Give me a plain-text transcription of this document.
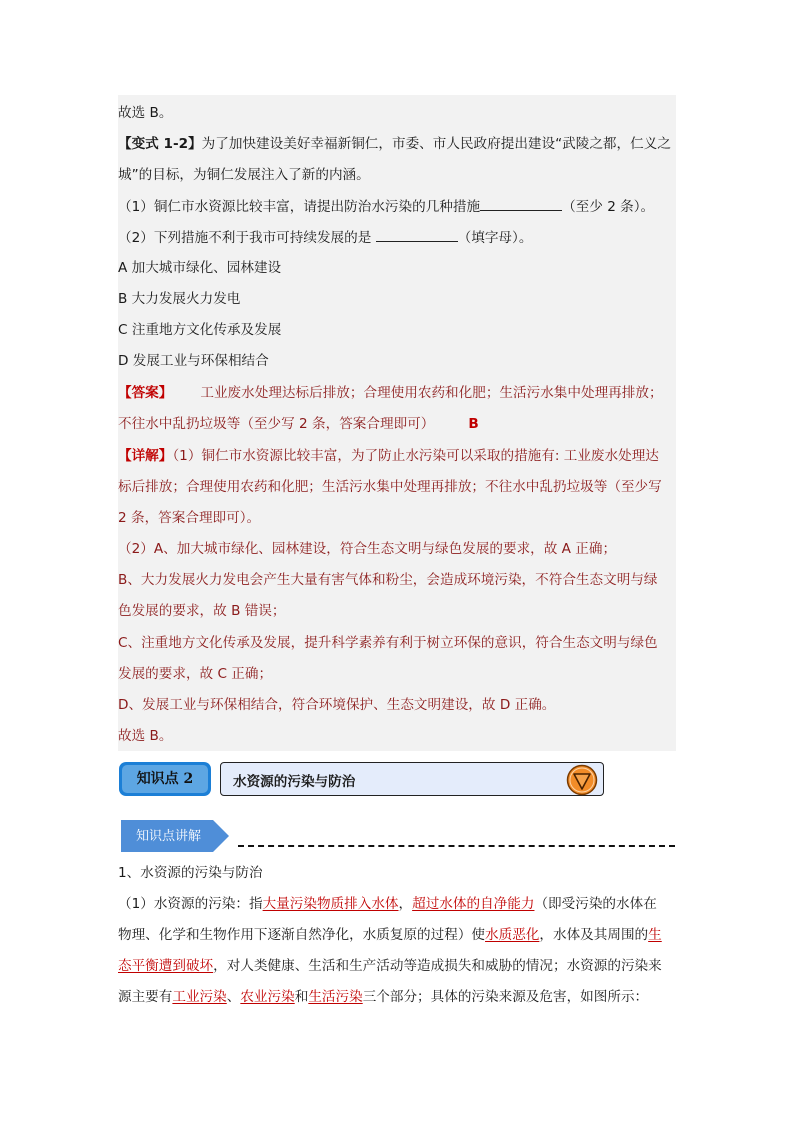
故选 B。
【变式 1-2】为了加快建设美好幸福新铜仁，市委、市人民政府提出建设“武陵之都，仁义之
城”的目标，为铜仁发展注入了新的内涵。
（1）铜仁市水资源比较丰富，请提出防治水污染的几种措施	（至少 2 条）。
（2）下列措施不利于我市可持续发展的是	（填字母）。
A 加大城市绿化、园林建设
B 大力发展火力发电
C 注重地方文化传承及发展
D 发展工业与环保相结合
【答案】 工业废水处理达标后排放；合理使用农药和化肥；生活污水集中处理再排放；
不往水中乱扔垃圾等（至少写 2 条，答案合理即可）	B
【详解】（1）铜仁市水资源比较丰富，为了防止水污染可以采取的措施有: 工业废水处理达
标后排放；合理使用农药和化肥；生活污水集中处理再排放；不往水中乱扔垃圾等（至少写
2 条，答案合理即可）。
（2）A、加大城市绿化、园林建设，符合生态文明与绿色发展的要求，故 A 正确；
B、大力发展火力发电会产生大量有害气体和粉尘，会造成环境污染，不符合生态文明与绿
色发展的要求，故 B 错误；
C、注重地方文化传承及发展，提升科学素养有利于树立环保的意识，符合生态文明与绿色
发展的要求，故 C 正确；
D、发展工业与环保相结合，符合环境保护、生态文明建设，故 D 正确。
故选 B。
知识点 2	水资源的污染与防治
知识点讲解
1、水资源的污染与防治
（1）水资源的污染：指大量污染物质排入水体，超过水体的自净能力（即受污染的水体在
物理、化学和生物作用下逐渐自然净化，水质复原的过程）使水质恶化，水体及其周围的生
态平衡遭到破坏，对人类健康、生活和生产活动等造成损失和威胁的情况；水资源的污染来
源主要有工业污染、农业污染和生活污染三个部分；具体的污染来源及危害，如图所示：
